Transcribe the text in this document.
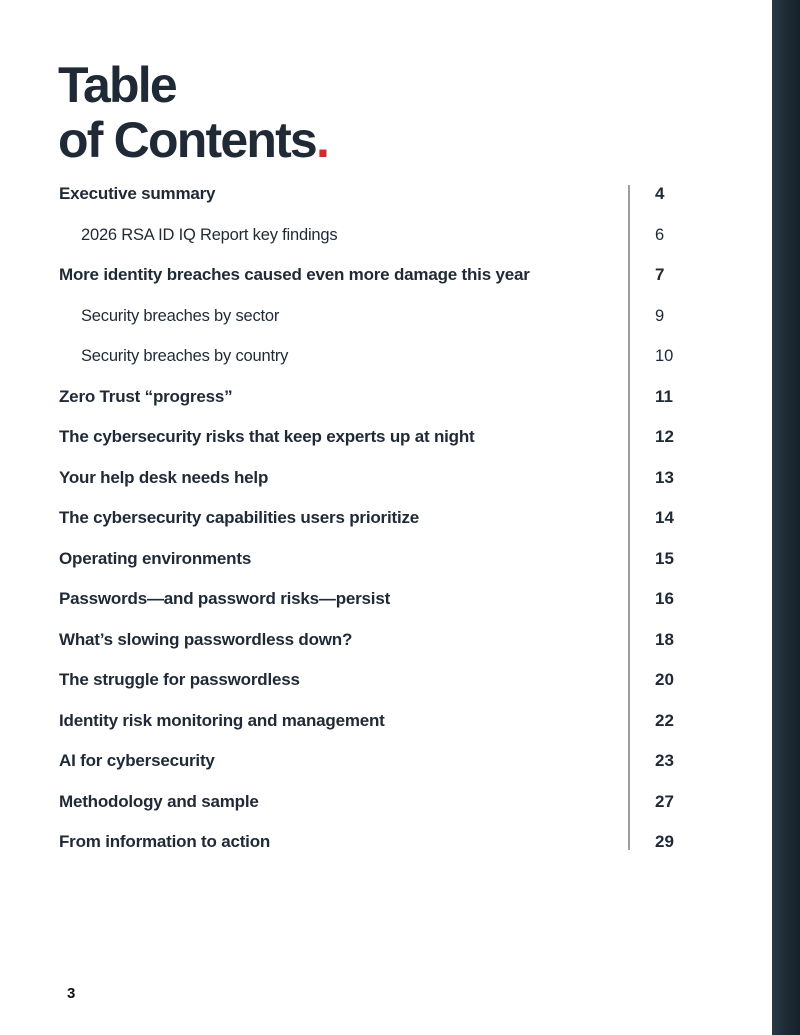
Table
of Contents.
Executive summary	4
2026 RSA ID IQ Report key findings	6
More identity breaches caused even more damage this year	7
Security breaches by sector	9
Security breaches by country	10
Zero Trust “progress”	11
The cybersecurity risks that keep experts up at night	12
Your help desk needs help	13
The cybersecurity capabilities users prioritize	14
Operating environments	15
Passwords—and password risks—persist	16
What’s slowing passwordless down?	18
The struggle for passwordless	20
Identity risk monitoring and management	22
AI for cybersecurity	23
Methodology and sample	27
From information to action	29
3
